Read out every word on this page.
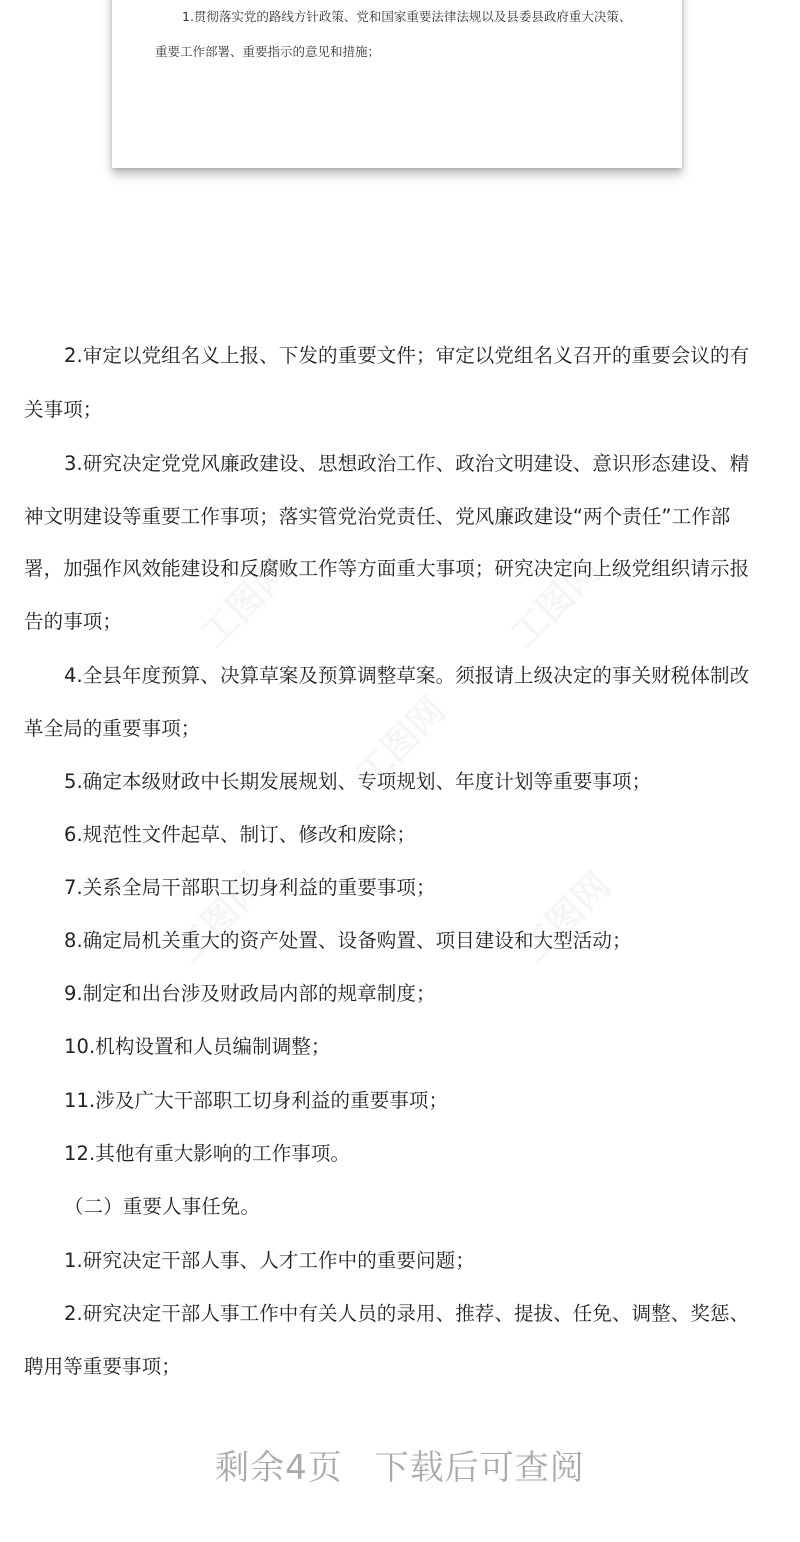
1.贯彻落实党的路线方针政策、党和国家重要法律法规以及县委县政府重大决策、
重要工作部署、重要指示的意见和措施；
工图网	工图网
工图网
工图网	工图网
2.审定以党组名义上报、下发的重要文件；审定以党组名义召开的重要会议的有
关事项；
3.研究决定党党风廉政建设、思想政治工作、政治文明建设、意识形态建设、精
神文明建设等重要工作事项；落实管党治党责任、党风廉政建设“两个责任”工作部
署，加强作风效能建设和反腐败工作等方面重大事项；研究决定向上级党组织请示报
告的事项；
4.全县年度预算、决算草案及预算调整草案。须报请上级决定的事关财税体制改
革全局的重要事项；
5.确定本级财政中长期发展规划、专项规划、年度计划等重要事项；
6.规范性文件起草、制订、修改和废除；
7.关系全局干部职工切身利益的重要事项；
8.确定局机关重大的资产处置、设备购置、项目建设和大型活动；
9.制定和出台涉及财政局内部的规章制度；
10.机构设置和人员编制调整；
11.涉及广大干部职工切身利益的重要事项；
12.其他有重大影响的工作事项。
（二）重要人事任免。
1.研究决定干部人事、人才工作中的重要问题；
2.研究决定干部人事工作中有关人员的录用、推荐、提拔、任免、调整、奖惩、
聘用等重要事项；
剩余4页 下载后可查阅
